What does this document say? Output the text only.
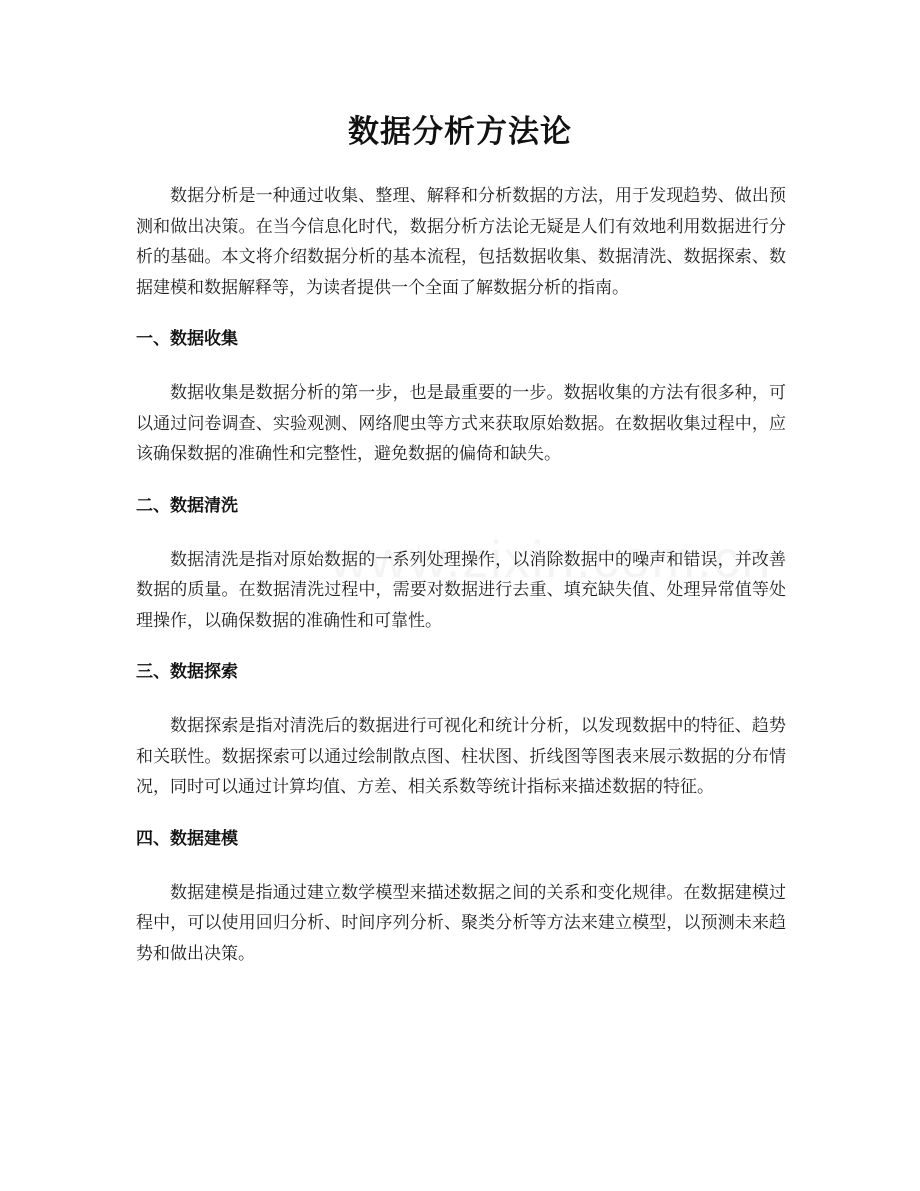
数据分析方法论

数据分析是一种通过收集、整理、解释和分析数据的方法，用于发现趋势、做出预测和做出决策。在当今信息化时代，数据分析方法论无疑是人们有效地利用数据进行分析的基础。本文将介绍数据分析的基本流程，包括数据收集、数据清洗、数据探索、数据建模和数据解释等，为读者提供一个全面了解数据分析的指南。

一、数据收集

数据收集是数据分析的第一步，也是最重要的一步。数据收集的方法有很多种，可以通过问卷调查、实验观测、网络爬虫等方式来获取原始数据。在数据收集过程中，应该确保数据的准确性和完整性，避免数据的偏倚和缺失。

二、数据清洗

数据清洗是指对原始数据的一系列处理操作，以消除数据中的噪声和错误，并改善数据的质量。在数据清洗过程中，需要对数据进行去重、填充缺失值、处理异常值等处理操作，以确保数据的准确性和可靠性。

三、数据探索

数据探索是指对清洗后的数据进行可视化和统计分析，以发现数据中的特征、趋势和关联性。数据探索可以通过绘制散点图、柱状图、折线图等图表来展示数据的分布情况，同时可以通过计算均值、方差、相关系数等统计指标来描述数据的特征。

四、数据建模

数据建模是指通过建立数学模型来描述数据之间的关系和变化规律。在数据建模过程中，可以使用回归分析、时间序列分析、聚类分析等方法来建立模型，以预测未来趋势和做出决策。
